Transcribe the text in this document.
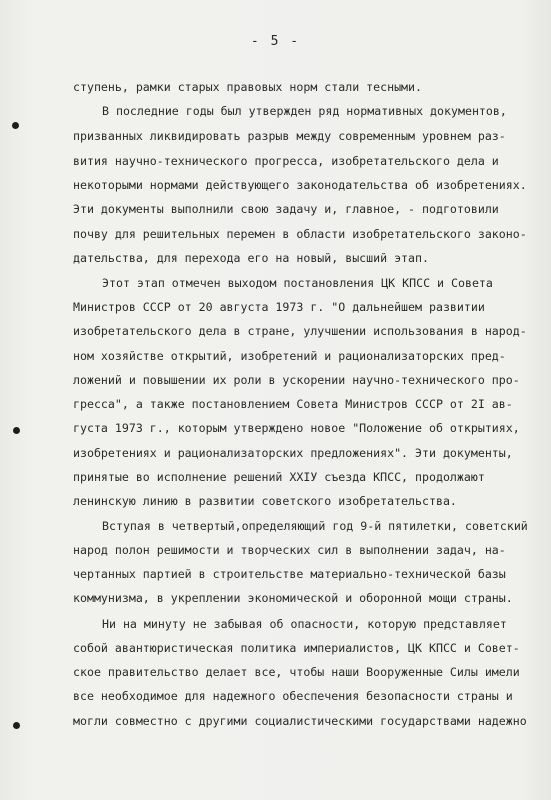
- 5 -
ступень, рамки старых правовых норм стали тесными.
В последние годы был утвержден ряд нормативных документов,
призванных ликвидировать разрыв между современным уровнем раз-
вития научно-технического прогресса, изобретательского дела и
некоторыми нормами действующего законодательства об изобретениях.
Эти документы выполнили свою задачу и, главное, - подготовили
почву для решительных перемен в области изобретательского законо-
дательства, для перехода его на новый, высший этап.
Этот этап отмечен выходом постановления ЦК КПСС и Совета
Министров СССР от 20 августа 1973 г. "О дальнейшем развитии
изобретательского дела в стране, улучшении использования в народ-
ном хозяйстве открытий, изобретений и рационализаторских пред-
ложений и повышении их роли в ускорении научно-технического про-
гресса", а также постановлением Совета Министров СССР от 2I ав-
густа 1973 г., которым утверждено новое "Положение об открытиях,
изобретениях и рационализаторских предложениях". Эти документы,
принятые во исполнение решений XXIУ съезда КПСС, продолжают
ленинскую линию в развитии советского изобретательства.
Вступая в четвертый,определяющий год 9-й пятилетки, советский
народ полон решимости и творческих сил в выполнении задач, на-
чертанных партией в строительстве материально-технической базы
коммунизма, в укреплении экономической и оборонной мощи страны.
Ни на минуту не забывая об опасности, которую представляет
собой авантюристическая политика империалистов, ЦК КПСС и Совет-
ское правительство делает все, чтобы наши Вооруженные Силы имели
все необходимое для надежного обеспечения безопасности страны и
могли совместно с другими социалистическими государствами надежно
